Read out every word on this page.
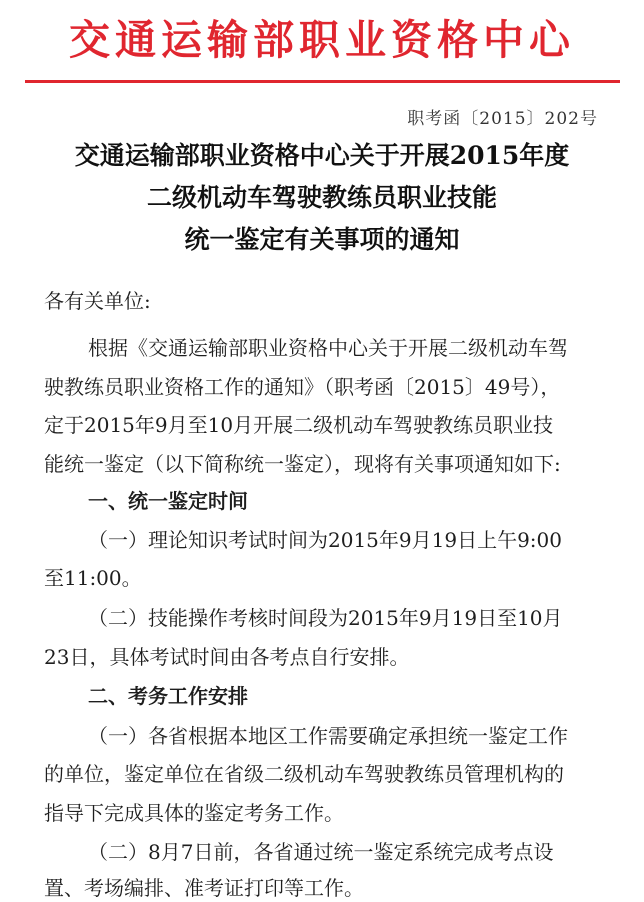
交通运输部职业资格中心
职考函〔2015〕202号
交通运输部职业资格中心关于开展2015年度
二级机动车驾驶教练员职业技能
统一鉴定有关事项的通知
各有关单位:
根据《交通运输部职业资格中心关于开展二级机动车驾
驶教练员职业资格工作的通知》（职考函〔2015〕49号），
定于2015年9月至10月开展二级机动车驾驶教练员职业技
能统一鉴定（以下简称统一鉴定），现将有关事项通知如下:
一、统一鉴定时间
（一）理论知识考试时间为2015年9月19日上午9:00
至11:00。
（二）技能操作考核时间段为2015年9月19日至10月
23日，具体考试时间由各考点自行安排。
二、考务工作安排
（一）各省根据本地区工作需要确定承担统一鉴定工作
的单位，鉴定单位在省级二级机动车驾驶教练员管理机构的
指导下完成具体的鉴定考务工作。
（二）8月7日前，各省通过统一鉴定系统完成考点设
置、考场编排、准考证打印等工作。
